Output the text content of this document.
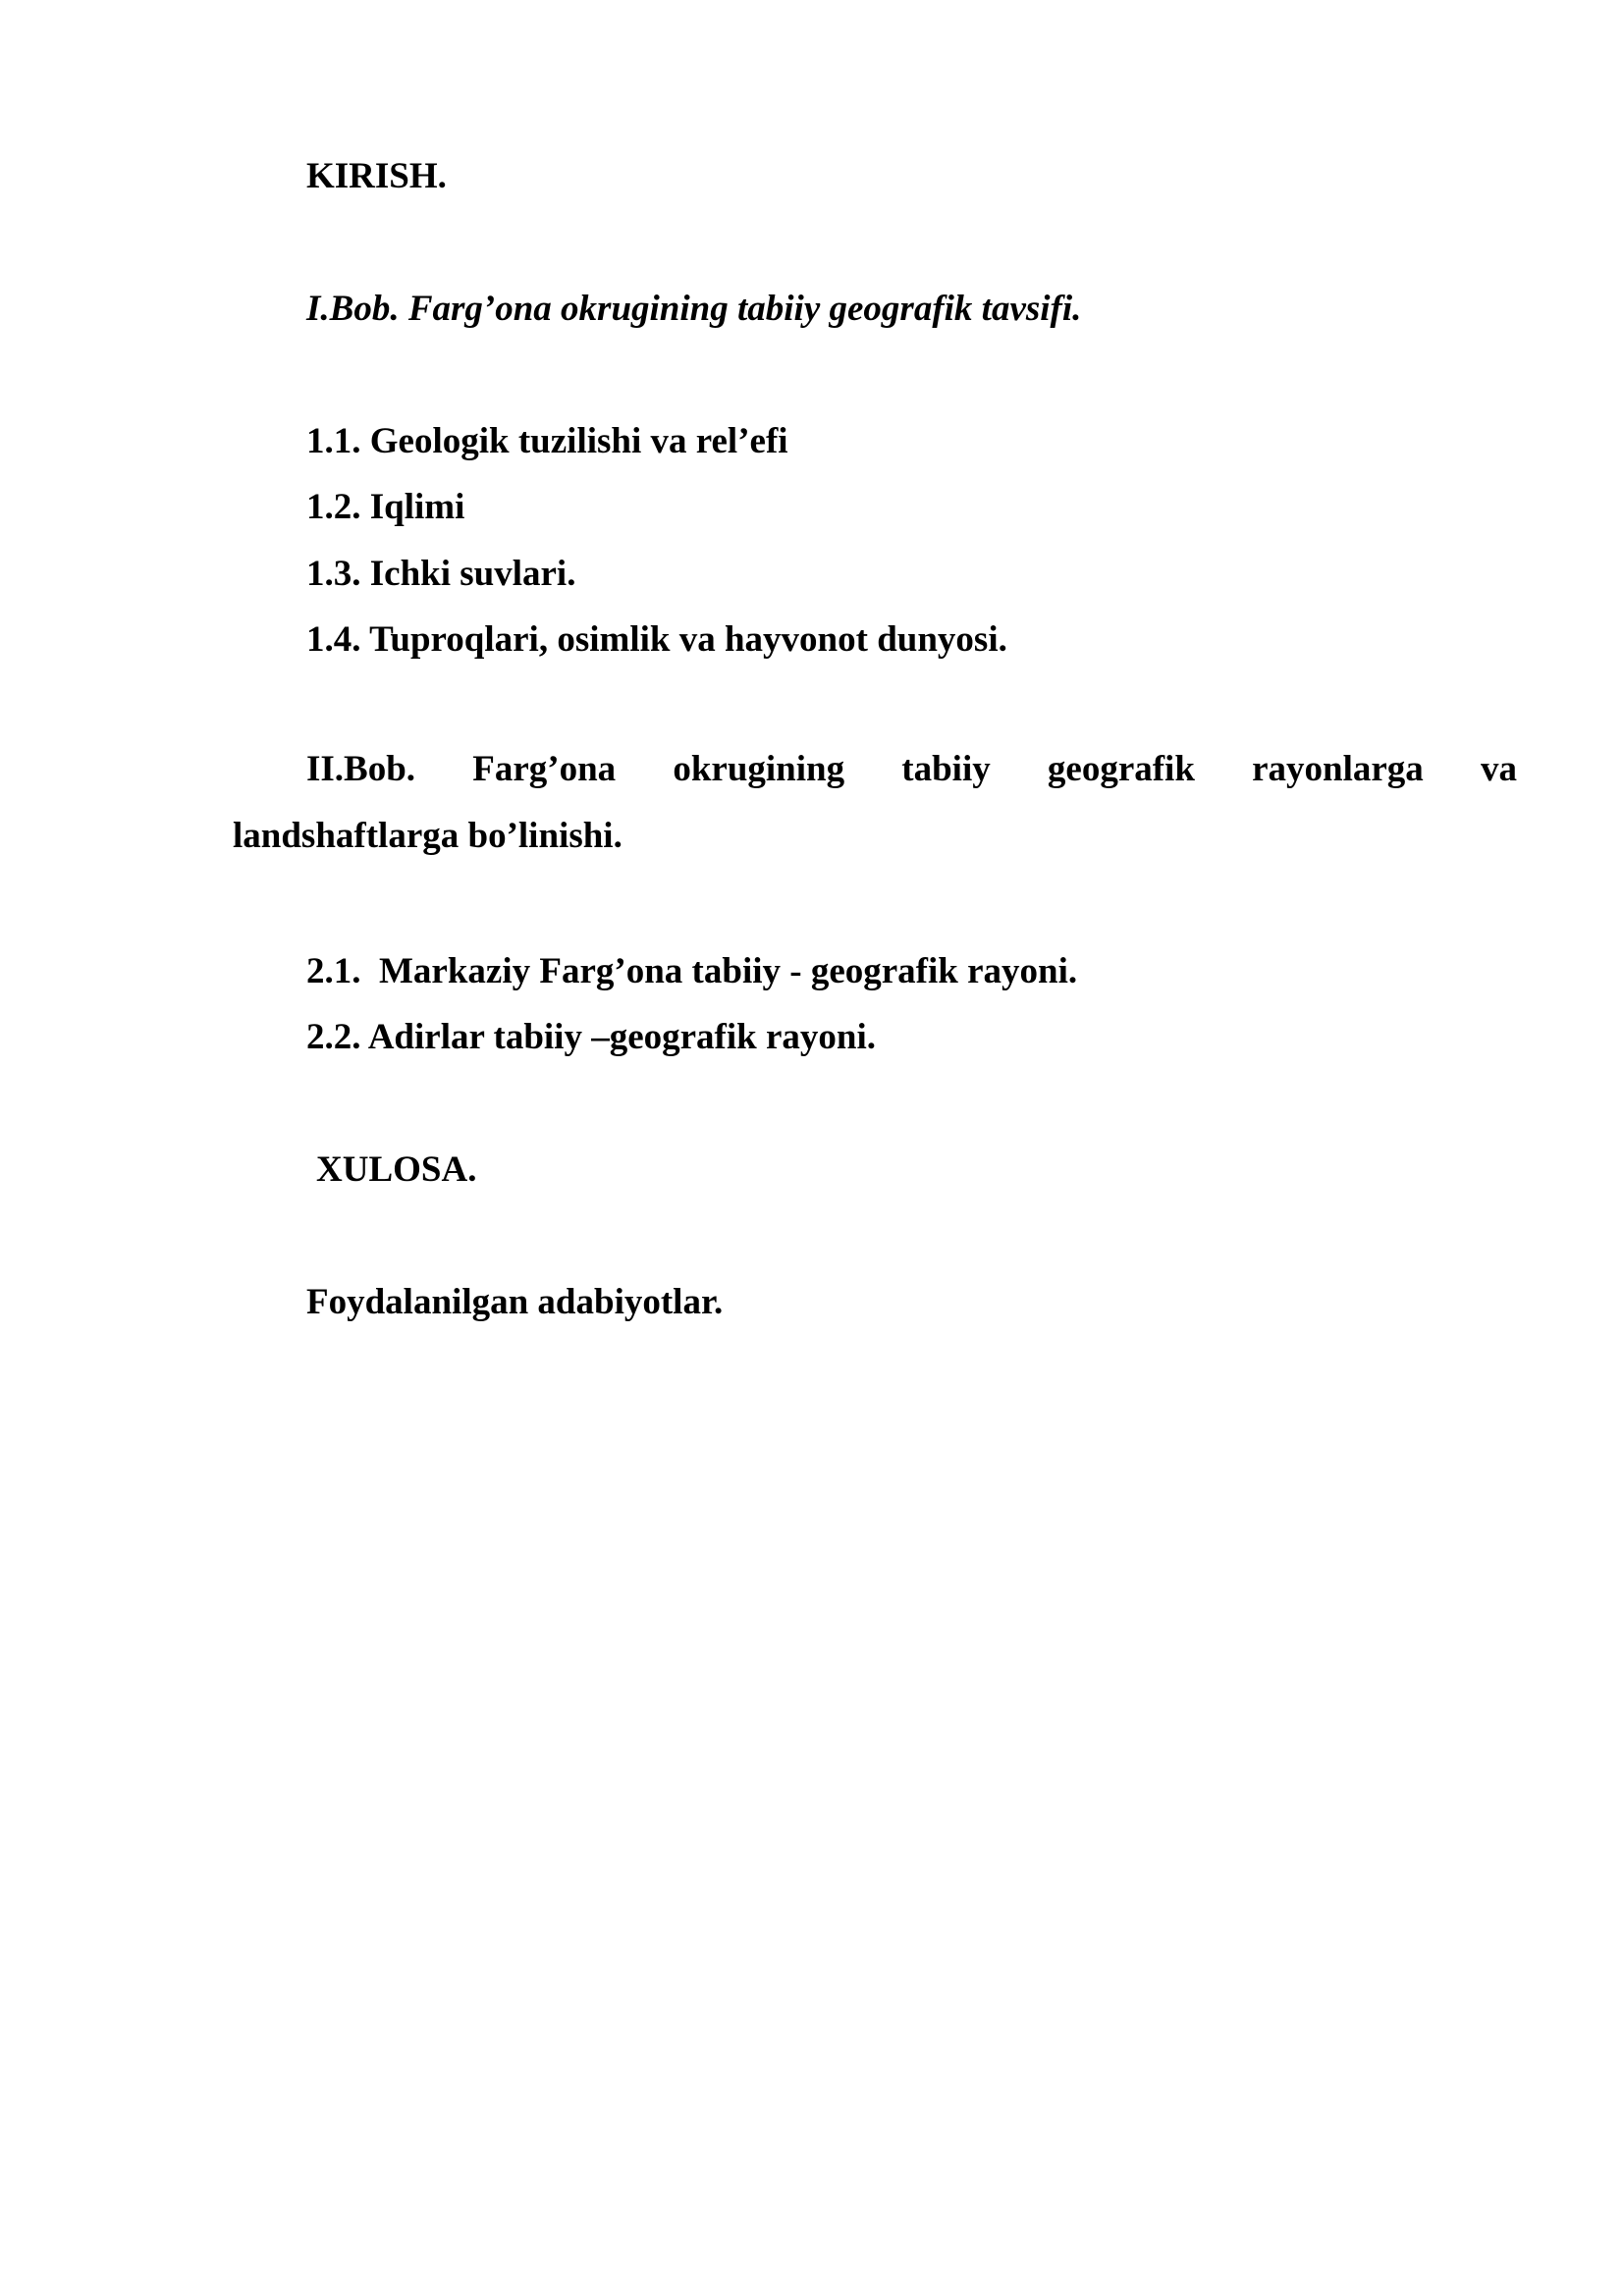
KIRISH.

I.Bob. Farg’ona okrugining tabiiy geografik tavsifi.

1.1. Geologik tuzilishi va rel’efi

1.2. Iqlimi

1.3. Ichki suvlari.

1.4. Tuproqlari, osimlik va hayvonot dunyosi.

II.Bob. Farg’ona okrugining tabiiy geografik rayonlarga va

landshaftlarga bo’linishi.

2.1.  Markaziy Farg’ona tabiiy - geografik rayoni.

2.2. Adirlar tabiiy –geografik rayoni.

XULOSA.

Foydalanilgan adabiyotlar.
